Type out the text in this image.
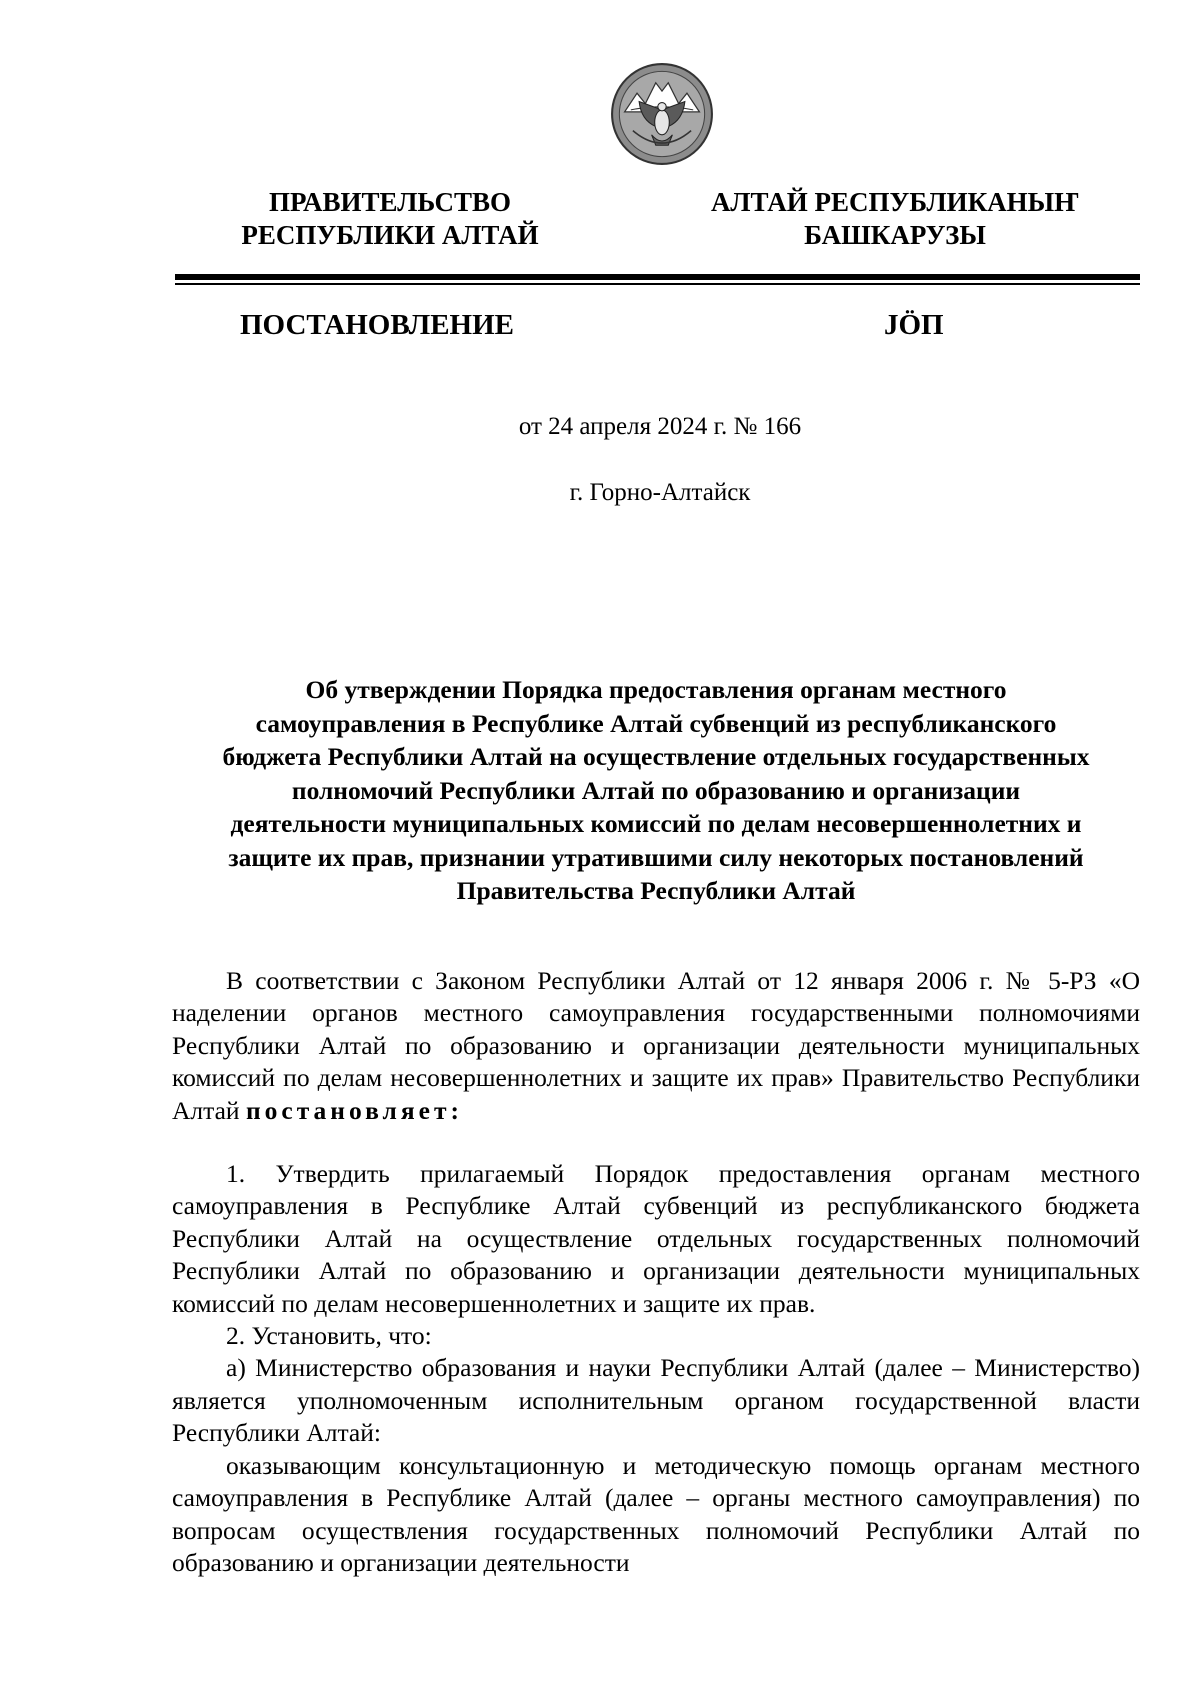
ПРАВИТЕЛЬСТВО
РЕСПУБЛИКИ АЛТАЙ
АЛТАЙ РЕСПУБЛИКАНЫҤ
БАШКАРУЗЫ
ПОСТАНОВЛЕНИЕ	JÖП
от 24 апреля 2024 г. № 166
г. Горно-Алтайск
Об утверждении Порядка предоставления органам местного
самоуправления в Республике Алтай субвенций из республиканского
бюджета Республики Алтай на осуществление отдельных государственных
полномочий Республики Алтай по образованию и организации
деятельности муниципальных комиссий по делам несовершеннолетних и
защите их прав, признании утратившими силу некоторых постановлений
Правительства Республики Алтай

В соответствии с Законом Республики Алтай от 12 января 2006 г. № 5-РЗ «О наделении органов местного самоуправления государственными полномочиями Республики Алтай по образованию и организации деятельности муниципальных комиссий по делам несовершеннолетних и защите их прав» Правительство Республики Алтай постановляет:

1. Утвердить прилагаемый Порядок предоставления органам местного самоуправления в Республике Алтай субвенций из республиканского бюджета Республики Алтай на осуществление отдельных государственных полномочий Республики Алтай по образованию и организации деятельности муниципальных комиссий по делам несовершеннолетних и защите их прав.

2. Установить, что:

а) Министерство образования и науки Республики Алтай (далее – Министерство) является уполномоченным исполнительным органом государственной власти Республики Алтай:

оказывающим консультационную и методическую помощь органам местного самоуправления в Республике Алтай (далее – органы местного самоуправления) по вопросам осуществления государственных полномочий Республики Алтай по образованию и организации деятельности
